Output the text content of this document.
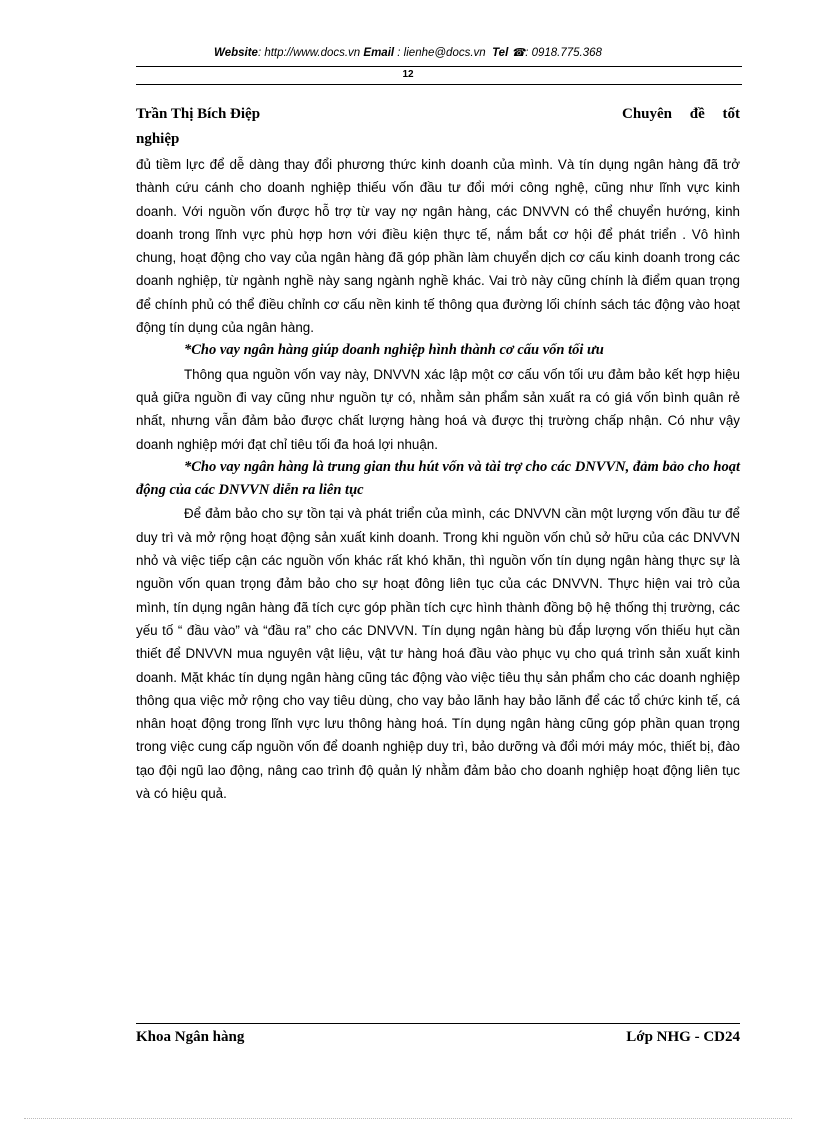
Website: http://www.docs.vn Email : lienhe@docs.vn Tel ☎: 0918.775.368
12
Trần Thị Bích Điệp	Chuyên đề tốt
nghiệp

đủ tiềm lực để dễ dàng thay đổi phương thức kinh doanh của mình. Và tín dụng ngân hàng đã trở thành cứu cánh cho doanh nghiệp thiếu vốn đầu tư đổi mới công nghệ, cũng như lĩnh vực kinh doanh. Với nguồn vốn được hỗ trợ từ vay nợ ngân hàng, các DNVVN có thể chuyển hướng, kinh doanh trong lĩnh vực phù hợp hơn với điều kiện thực tế, nắm bắt cơ hội để phát triển . Vô hình chung, hoạt động cho vay của ngân hàng đã góp phần làm chuyển dịch cơ cấu kinh doanh trong các doanh nghiệp, từ ngành nghề này sang ngành nghề khác. Vai trò này cũng chính là điểm quan trọng để chính phủ có thể điều chỉnh cơ cấu nền kinh tế thông qua đường lối chính sách tác động vào hoạt động tín dụng của ngân hàng.

*Cho vay ngân hàng giúp doanh nghiệp hình thành cơ cấu vốn tối ưu

Thông qua nguồn vốn vay này, DNVVN xác lập một cơ cấu vốn tối ưu đảm bảo kết hợp hiệu quả giữa nguồn đi vay cũng như nguồn tự có, nhằm sản phẩm sản xuất ra có giá vốn bình quân rẻ nhất, nhưng vẫn đảm bảo được chất lượng hàng hoá và được thị trường chấp nhận. Có như vậy doanh nghiệp mới đạt chỉ tiêu tối đa hoá lợi nhuận.

*Cho vay ngân hàng là trung gian thu hút vốn và tài trợ cho các DNVVN, đảm bảo cho hoạt động của các DNVVN diễn ra liên tục

Để đảm bảo cho sự tồn tại và phát triển của mình, các DNVVN cần một lượng vốn đầu tư để duy trì và mở rộng hoạt động sản xuất kinh doanh. Trong khi nguồn vốn chủ sở hữu của các DNVVN nhỏ và việc tiếp cận các nguồn vốn khác rất khó khăn, thì nguồn vốn tín dụng ngân hàng thực sự là nguồn vốn quan trọng đảm bảo cho sự hoạt đông liên tục của các DNVVN. Thực hiện vai trò của mình, tín dụng ngân hàng đã tích cực góp phần tích cực hình thành đồng bộ hệ thống thị trường, các yếu tố “ đầu vào” và “đầu ra” cho các DNVVN. Tín dụng ngân hàng bù đắp lượng vốn thiếu hụt cần thiết để DNVVN mua nguyên vật liệu, vật tư hàng hoá đầu vào phục vụ cho quá trình sản xuất kinh doanh. Mặt khác tín dụng ngân hàng cũng tác động vào việc tiêu thụ sản phẩm cho các doanh nghiệp thông qua việc mở rộng cho vay tiêu dùng, cho vay bảo lãnh hay bảo lãnh để các tổ chức kinh tế, cá nhân hoạt động trong lĩnh vực lưu thông hàng hoá. Tín dụng ngân hàng cũng góp phần quan trọng trong việc cung cấp nguồn vốn để doanh nghiệp duy trì, bảo dưỡng và đổi mới máy móc, thiết bị, đào tạo đội ngũ lao động, nâng cao trình độ quản lý nhằm đảm bảo cho doanh nghiệp hoạt động liên tục và có hiệu quả.

Khoa Ngân hàng	Lớp NHG - CD24
